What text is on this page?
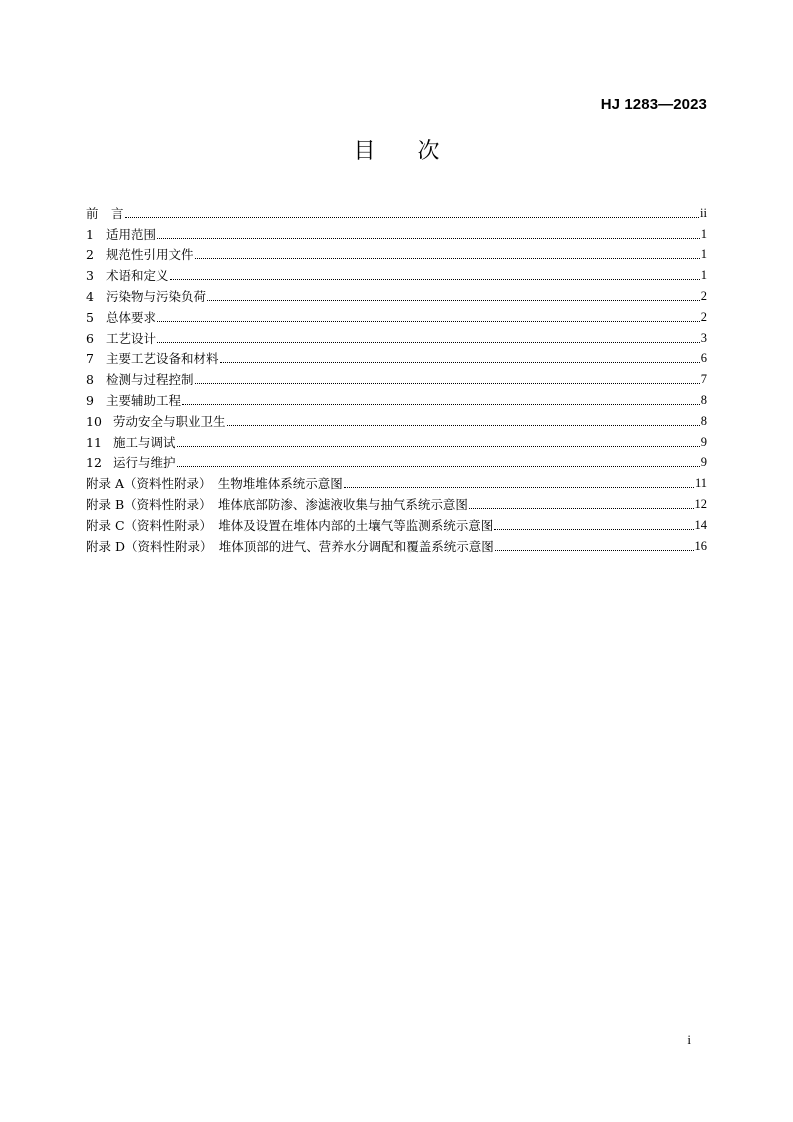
HJ 1283—2023
目次
前　言	ii
1 适用范围	1
2 规范性引用文件	1
3 术语和定义	1
4 污染物与污染负荷	2
5 总体要求	2
6 工艺设计	3
7 主要工艺设备和材料	6
8 检测与过程控制	7
9 主要辅助工程	8
10 劳动安全与职业卫生	8
11 施工与调试	9
12 运行与维护	9
附录 A（资料性附录）　生物堆堆体系统示意图	11
附录 B（资料性附录）　堆体底部防渗、渗滤液收集与抽气系统示意图	12
附录 C（资料性附录）　堆体及设置在堆体内部的土壤气等监测系统示意图	14
附录 D（资料性附录）　堆体顶部的进气、营养水分调配和覆盖系统示意图	16
i
